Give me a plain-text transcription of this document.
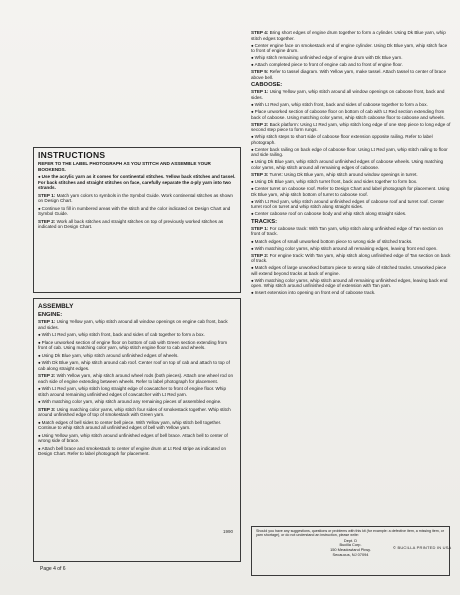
INSTRUCTIONS

REFER TO THE LABEL PHOTOGRAPH AS YOU STITCH AND ASSEMBLE YOUR BOOKENDS.

● Use the acrylic yarn as it comes for continental stitches. Yellow back stitches and tassel. For back stitches and straight stitches on face, carefully separate the 4-ply yarn into two strands.

STEP 1: Match yarn colors to symbols in the Symbol Guide. Work continental stitches as shown on Design Chart.

● Continue to fill in numbered areas with the stitch and the color indicated on Design Chart and Symbol Guide.

STEP 2: Work all back stitches and straight stitches on top of previously worked stitches as indicated on Design Chart.

ASSEMBLY
ENGINE:

STEP 1: Using Yellow yarn, whip stitch around all window openings on engine cab front, back and sides.

● With Lt Red yarn, whip stitch front, back and sides of cab together to form a box.

● Place unworked section of engine floor on bottom of cab with Green section extending from front of cab. Using matching color yarn, whip stitch engine floor to cab and wheels.

● Using Dk Blue yarn, whip stitch around unfinished edges of wheels.

● With Dk Blue yarn, whip stitch around cab roof. Center roof on top of cab and attach to top of cab along straight edges.

STEP 2: With Yellow yarn, whip stitch around wheel rods (both pieces). Attach one wheel rod on each side of engine extending between wheels. Refer to label photograph for placement.

● With Lt Red yarn, whip stitch long straight edge of cowcatcher to front of engine floor. Whip stitch around remaining unfinished edges of cowcatcher with Lt Red yarn.

● With matching color yarn, whip stitch around any remaining pieces of assembled engine.

STEP 3: Using matching color yarns, whip stitch four sides of smokestack together. Whip stitch around unfinished edge of top of smokestack with Green yarn.

● Match edges of bell sides to center bell piece. With Yellow yarn, whip stitch bell together. Continue to whip stitch around all unfinished edges of bell with Yellow yarn.

● Using Yellow yarn, whip stitch around unfinished edges of bell brace. Attach bell to center of wrong side of brace.

● Attach bell brace and smokestack to center of engine drum at Lt Red stripe as indicated on Design Chart. Refer to label photograph for placement.

STEP 4: Bring short edges of engine drum together to form a cylinder. Using Dk Blue yarn, whip stitch edges together.

● Center engine face on smokestack end of engine cylinder. Using Dk Blue yarn, whip stitch face to front of engine drum.

● Whip stitch remaining unfinished edge of engine drum with Dk Blue yarn.

● Attach completed piece to front of engine cab and to front of engine floor.

STEP 5: Refer to tassel diagram. With Yellow yarn, make tassel. Attach tassel to center of brace above bell.

CABOOSE:

STEP 1: Using Yellow yarn, whip stitch around all window openings on caboose front, back and sides.

● With Lt Red yarn, whip stitch front, back and sides of caboose together to form a box.

● Place unworked section of caboose floor on bottom of cab with Lt Red section extending from back of caboose. Using matching color yarns, whip stitch caboose floor to caboose and wheels.

STEP 2: Back platform: Using Lt Red yarn, whip stitch long edge of one step piece to long edge of second step piece to form rungs.

● Whip stitch steps to short side of caboose floor extension opposite railing. Refer to label photograph.

● Center back railing on back edge of caboose floor. Using Lt Red yarn, whip stitch railing to floor and side railing.

● Using Dk Blue yarn, whip stitch around unfinished edges of caboose wheels. Using matching color yarns, whip stitch around all remaining edges of caboose.

STEP 3: Turret: Using Dk Blue yarn, whip stitch around window openings in turret.

● Using Dk Blue yarn, whip stitch turret front, back and sides together to form box.

● Center turret on caboose roof. Refer to Design Chart and label photograph for placement. Using Dk Blue yarn, whip stitch bottom of turret to caboose roof.

● With Lt Red yarn, whip stitch around unfinished edges of caboose roof and turret roof. Center turret roof on turret and whip stitch along straight sides.

● Center caboose roof on caboose body and whip stitch along straight sides.

TRACKS:

STEP 1: For caboose track: With Tan yarn, whip stitch along unfinished edge of Tan section on front of track.

● Match edges of small unworked bottom piece to wrong side of stitched tracks.

● With matching color yarns, whip stitch around all remaining edges, leaving front end open.

STEP 2: For engine track: With Tan yarn, whip stitch along unfinished edge of Tan section on back of track.

● Match edges of large unworked bottom piece to wrong side of stitched tracks. Unworked piece will extend beyond tracks at back of engine.

● With matching color yarns, whip stitch around all remaining unfinished edges, leaving back end open. Whip stitch around unfinished edge of extension with Tan yarn.

● Insert extension into opening on front end of caboose track.

Should you have any suggestions, questions or problems with this kit (for example: a defective item, a missing item, or yarn shortage), or do not understand an instruction, please write:

Dept. D
Bucilla Corp.
150 Meadowland Pkwy.
Secaucus, NJ 07094
1990
© BUCILLA PRINTED IN USA
Page 4 of 6
